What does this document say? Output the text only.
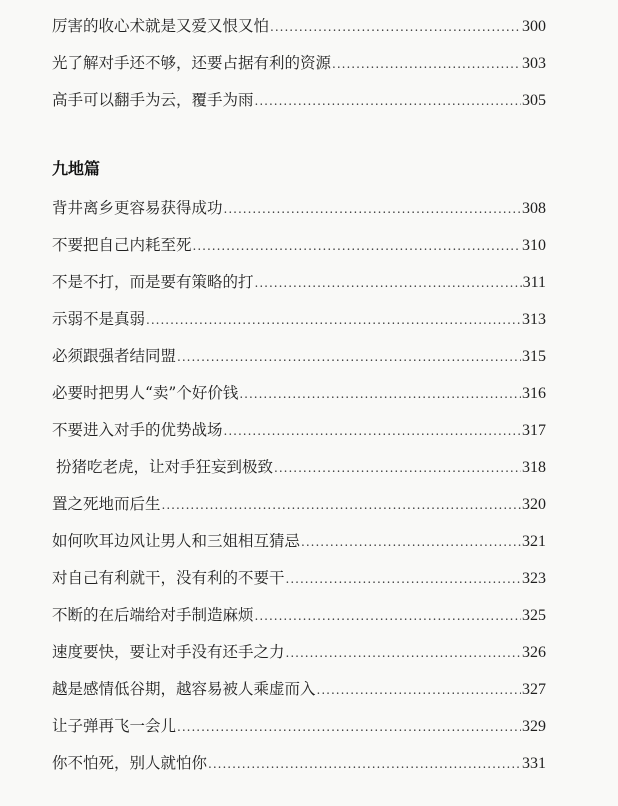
厉害的收心术就是又爱又恨又怕 .....	300
光了解对手还不够，还要占据有利的资源 .....	303
高手可以翻手为云，覆手为雨 .....	305
九地篇
背井离乡更容易获得成功 .....	308
不要把自己内耗至死 .....	310
不是不打，而是要有策略的打 .....	311
示弱不是真弱 .....	313
必须跟强者结同盟 .....	315
必要时把男人“卖”个好价钱 .....	316
不要进入对手的优势战场 .....	317
扮猪吃老虎，让对手狂妄到极致 .....	318
置之死地而后生 .....	320
如何吹耳边风让男人和三姐相互猜忌 .....	321
对自己有利就干，没有利的不要干 .....	323
不断的在后端给对手制造麻烦 .....	325
速度要快，要让对手没有还手之力 .....	326
越是感情低谷期，越容易被人乘虚而入 .....	327
让子弹再飞一会儿 .....	329
你不怕死，别人就怕你 .....	331
